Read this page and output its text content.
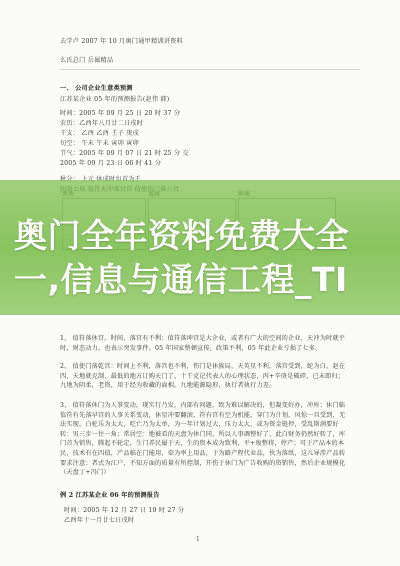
去学卢 2007 年 10 月奥门通甲精训讲资料
么氏总门 岳属精品
一、 公司企业生意类预测
江苏某企业 05 年的预测报告(赵伟 韩)
时间：2005 年 09 月 25 日 20 时 37 分
农历：乙酉年八月廿二日戌时
干支： 乙酉 乙酉 壬子 庚戌
旬空： 午未 午未 寅卯 寅卯
节气：2005 年 09 月 07 日 21 时 25 分 交
2005 年 09 月 23 日 06 时 41 分
奥门全年资料免费大全
一,信息与通信工程_TI
1、 值符落休宫。时间、落宫有不利：值符落坤宫是大企业，或者有广大的空间的企业，天冲为时就平时，财态动力，也表示突发事件。05 年国家整顿宣传，政策不利，05 年此企业亏损了七多。
2、 值使门落乾宫：时间上不利，落宫也不利，伤门是休族局，天英星不利，落宫受到，蛇为白，赵在四，天地就克制，最低的地方订购天门了，十干克记代表人的心理状态，丙+辛庚是破碎，已未即归；九地为阴柔，老资，用于经为收藏的面相。九地能源隐形，执行者执行力差。
3、 值符落休门为人事变动，现实行乃发，内部有问题，致为难以解决的，但凝变好办，冲库；休门临值符有先落早宫的人事关系变动，休星冲要翻滚，符有宫有空为机能，穿门为计划，风惊一旦受到，无法实现，白驼乐为太大，吃亡乃为太单，为一年计划过大，压力太大，或为资金链停，受乱斯润要好转：男三步一往一角；常居空：地被看的天盘为休门同，所以人事调整好了，此白财务仍然好转了，库门首为销售，腾起不轮定，生门养民属于天，生的资本成为致利，平+废整将，停产；可于产品本的本民，技术有在四值，产品临在门能用，牵为率上用品，于为路产程代业品，伙为落纸，这儿导涉产品转要求注意；者式为江户，不知方面的质量有所控制，开伤于休门为广告收购的资销售，然后企业规模化（天盘丁+冯门）
例 2 江苏某企业 06 年的预测报告
时间：2005 年 12 月 27 日 19 时 27 分
乙酉年十一月廿七日戌时
1
